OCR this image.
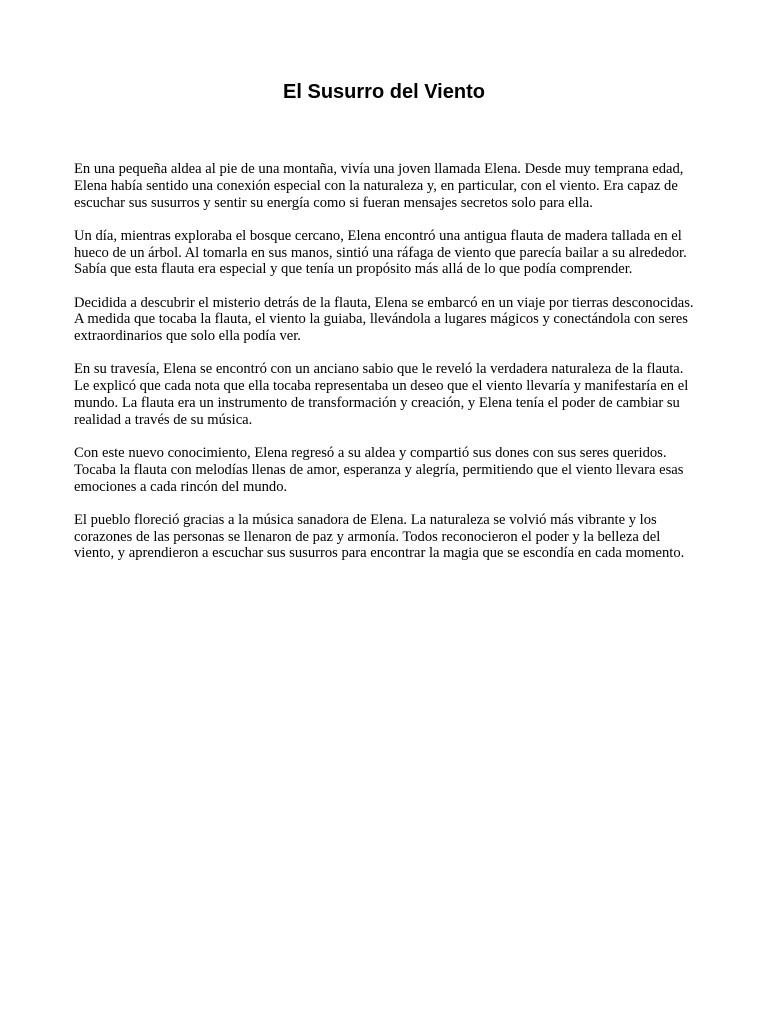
El Susurro del Viento

En una pequeña aldea al pie de una montaña, vivía una joven llamada Elena. Desde muy temprana edad, Elena había sentido una conexión especial con la naturaleza y, en particular, con el viento. Era capaz de escuchar sus susurros y sentir su energía como si fueran mensajes secretos solo para ella.

Un día, mientras exploraba el bosque cercano, Elena encontró una antigua flauta de madera tallada en el hueco de un árbol. Al tomarla en sus manos, sintió una ráfaga de viento que parecía bailar a su alrededor. Sabía que esta flauta era especial y que tenía un propósito más allá de lo que podía comprender.

Decidida a descubrir el misterio detrás de la flauta, Elena se embarcó en un viaje por tierras desconocidas. A medida que tocaba la flauta, el viento la guiaba, llevándola a lugares mágicos y conectándola con seres extraordinarios que solo ella podía ver.

En su travesía, Elena se encontró con un anciano sabio que le reveló la verdadera naturaleza de la flauta. Le explicó que cada nota que ella tocaba representaba un deseo que el viento llevaría y manifestaría en el mundo. La flauta era un instrumento de transformación y creación, y Elena tenía el poder de cambiar su realidad a través de su música.

Con este nuevo conocimiento, Elena regresó a su aldea y compartió sus dones con sus seres queridos. Tocaba la flauta con melodías llenas de amor, esperanza y alegría, permitiendo que el viento llevara esas emociones a cada rincón del mundo.

El pueblo floreció gracias a la música sanadora de Elena. La naturaleza se volvió más vibrante y los corazones de las personas se llenaron de paz y armonía. Todos reconocieron el poder y la belleza del viento, y aprendieron a escuchar sus susurros para encontrar la magia que se escondía en cada momento.
